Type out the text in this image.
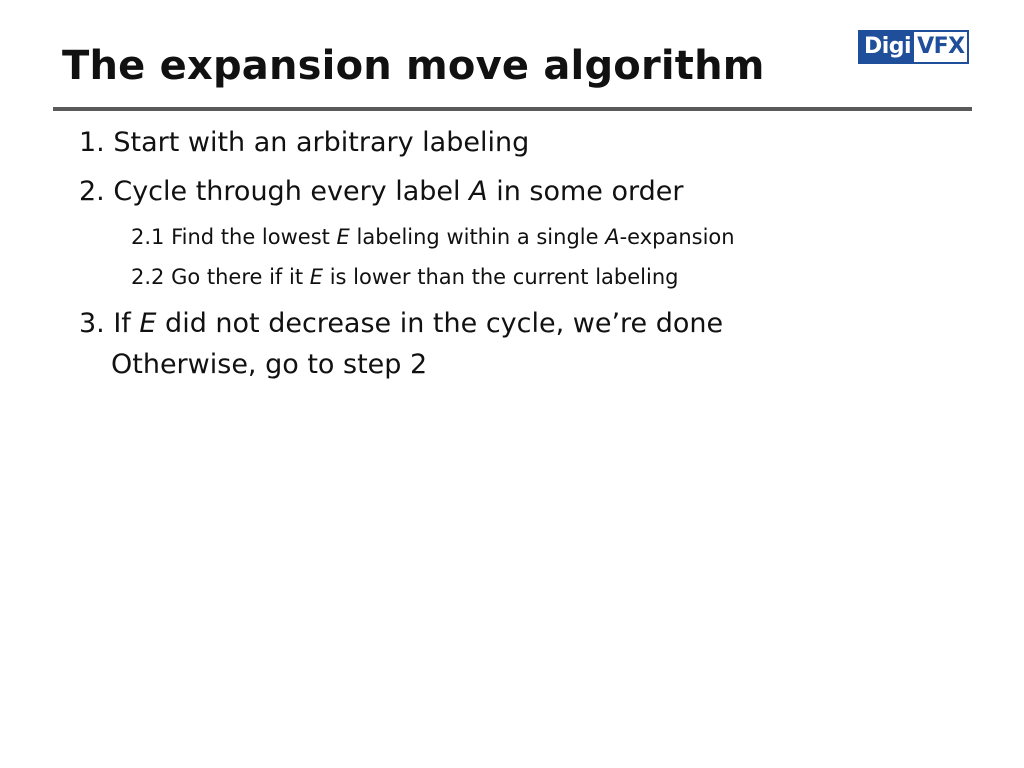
The expansion move algorithm	Digi VFX
1. Start with an arbitrary labeling
2. Cycle through every label A in some order
2.1 Find the lowest E labeling within a single A-expansion
2.2 Go there if it E is lower than the current labeling
3. If E did not decrease in the cycle, we’re done
Otherwise, go to step 2
